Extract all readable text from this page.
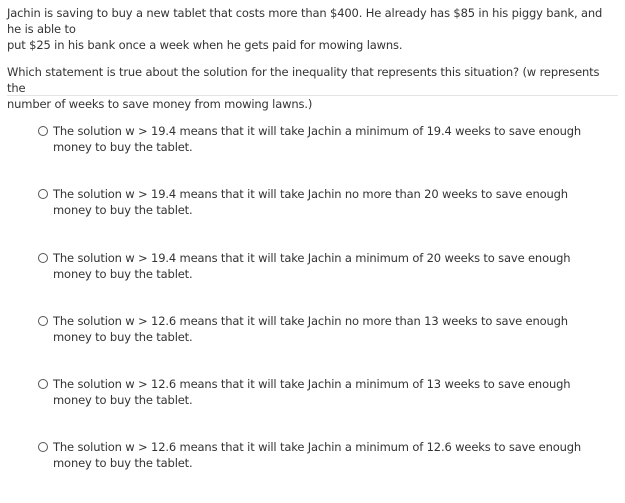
Jachin is saving to buy a new tablet that costs more than $400. He already has $85 in his piggy bank, and he is able to
put $25 in his bank once a week when he gets paid for mowing lawns.

Which statement is true about the solution for the inequality that represents this situation? (w represents the
number of weeks to save money from mowing lawns.)

The solution w > 19.4 means that it will take Jachin a minimum of 19.4 weeks to save enough
money to buy the tablet.
The solution w > 19.4 means that it will take Jachin no more than 20 weeks to save enough
money to buy the tablet.
The solution w > 19.4 means that it will take Jachin a minimum of 20 weeks to save enough
money to buy the tablet.
The solution w > 12.6 means that it will take Jachin no more than 13 weeks to save enough
money to buy the tablet.
The solution w > 12.6 means that it will take Jachin a minimum of 13 weeks to save enough
money to buy the tablet.
The solution w > 12.6 means that it will take Jachin a minimum of 12.6 weeks to save enough
money to buy the tablet.
